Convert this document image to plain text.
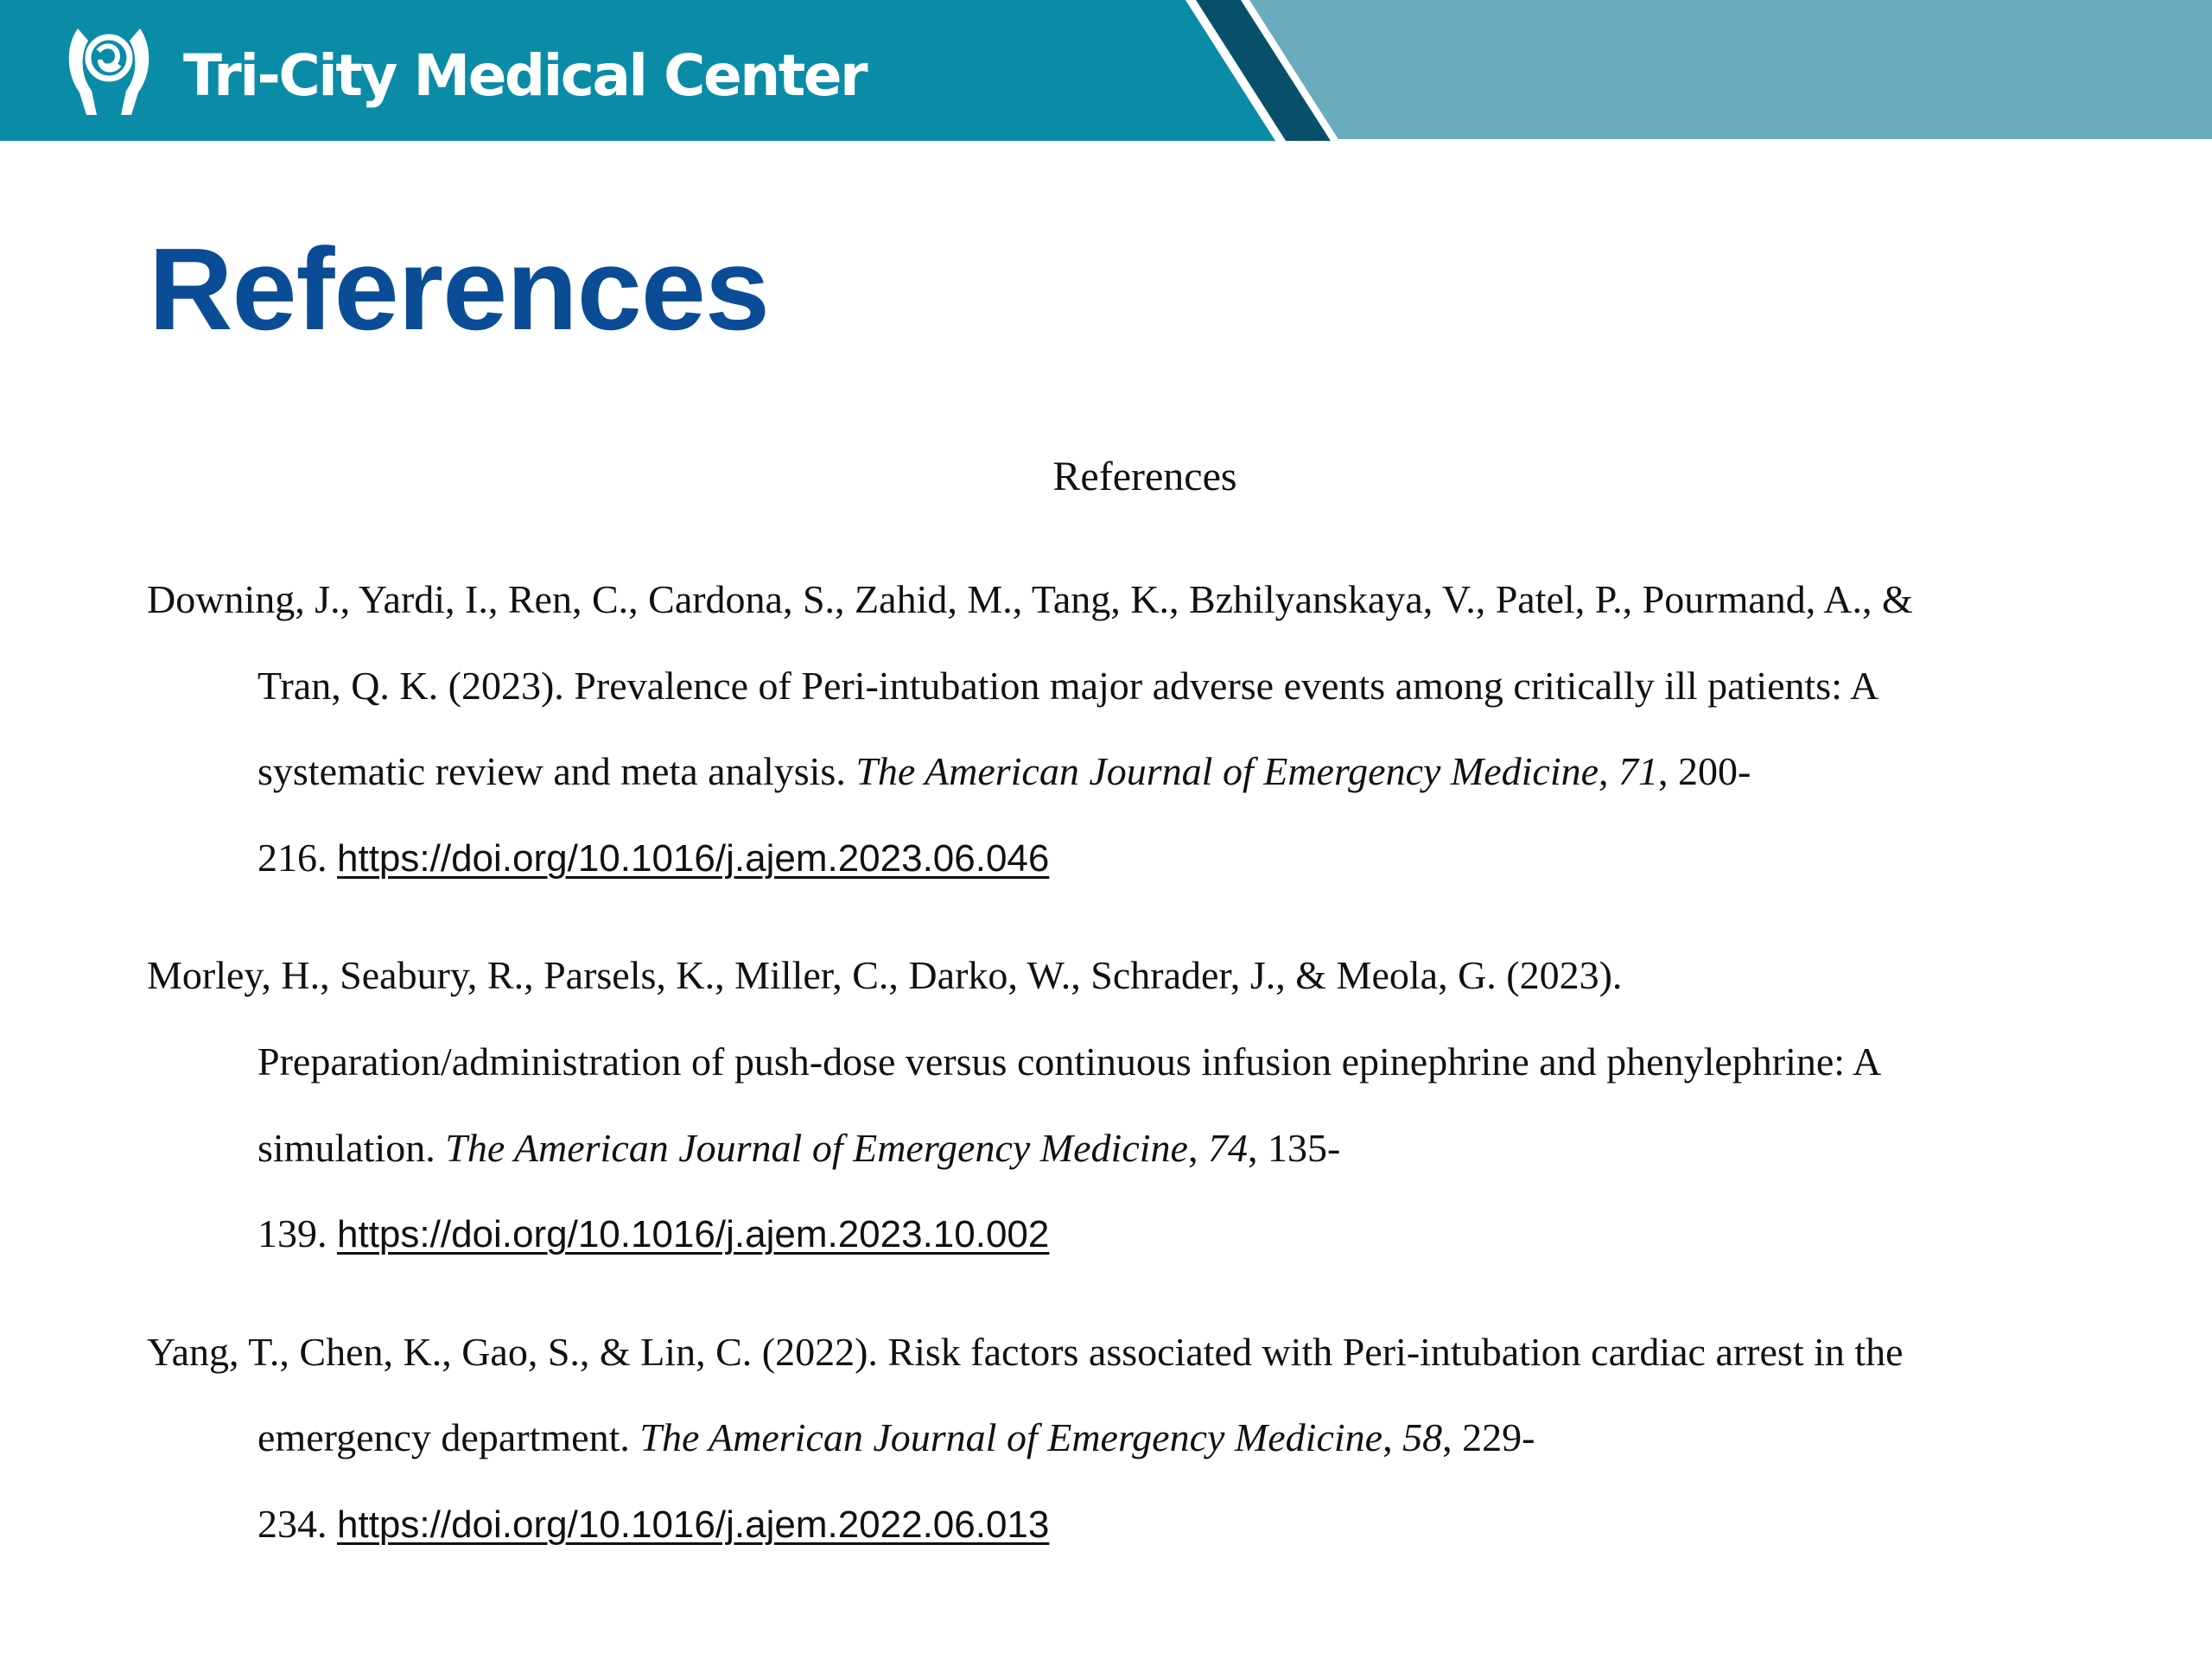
Tri-City Medical Center
References
References
Downing, J., Yardi, I., Ren, C., Cardona, S., Zahid, M., Tang, K., Bzhilyanskaya, V., Patel, P., Pourmand, A., &
Tran, Q. K. (2023). Prevalence of Peri-intubation major adverse events among critically ill patients: A
systematic review and meta analysis. The American Journal of Emergency Medicine, 71, 200-
216. https://doi.org/10.1016/j.ajem.2023.06.046
Morley, H., Seabury, R., Parsels, K., Miller, C., Darko, W., Schrader, J., & Meola, G. (2023).
Preparation/administration of push-dose versus continuous infusion epinephrine and phenylephrine: A
simulation. The American Journal of Emergency Medicine, 74, 135-
139. https://doi.org/10.1016/j.ajem.2023.10.002
Yang, T., Chen, K., Gao, S., & Lin, C. (2022). Risk factors associated with Peri-intubation cardiac arrest in the
emergency department. The American Journal of Emergency Medicine, 58, 229-
234. https://doi.org/10.1016/j.ajem.2022.06.013
